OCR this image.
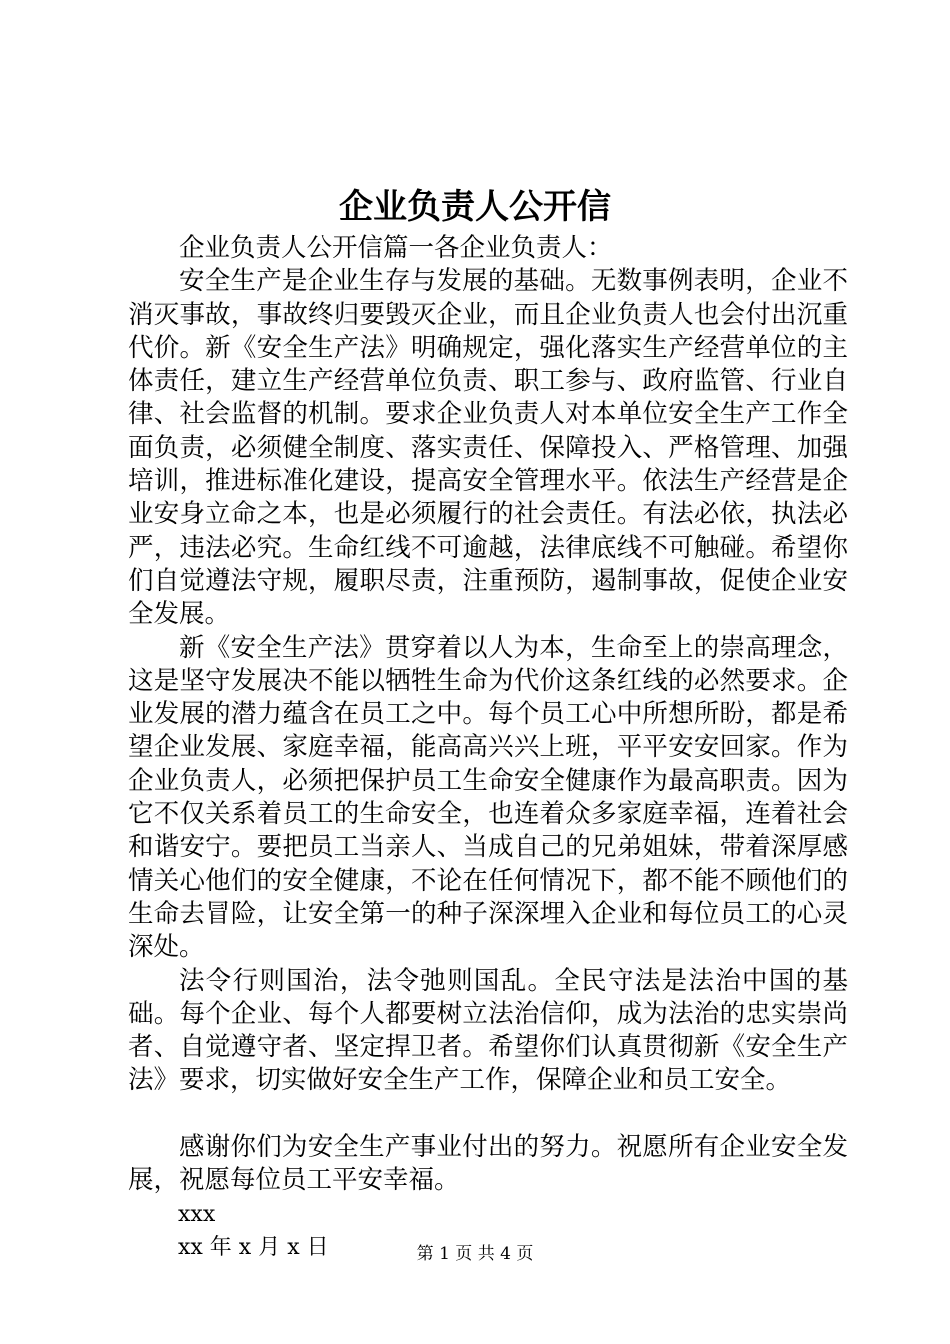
企业负责人公开信

企业负责人公开信篇一各企业负责人：

安全生产是企业生存与发展的基础。无数事例表明，企业不消灭事故，事故终归要毁灭企业，而且企业负责人也会付出沉重代价。新《安全生产法》明确规定，强化落实生产经营单位的主体责任，建立生产经营单位负责、职工参与、政府监管、行业自律、社会监督的机制。要求企业负责人对本单位安全生产工作全面负责，必须健全制度、落实责任、保障投入、严格管理、加强培训，推进标准化建设，提高安全管理水平。依法生产经营是企业安身立命之本，也是必须履行的社会责任。有法必依，执法必严，违法必究。生命红线不可逾越，法律底线不可触碰。希望你们自觉遵法守规，履职尽责，注重预防，遏制事故，促使企业安全发展。

新《安全生产法》贯穿着以人为本，生命至上的崇高理念，这是坚守发展决不能以牺牲生命为代价这条红线的必然要求。企业发展的潜力蕴含在员工之中。每个员工心中所想所盼，都是希望企业发展、家庭幸福，能高高兴兴上班，平平安安回家。作为企业负责人，必须把保护员工生命安全健康作为最高职责。因为它不仅关系着员工的生命安全，也连着众多家庭幸福，连着社会和谐安宁。要把员工当亲人、当成自己的兄弟姐妹，带着深厚感情关心他们的安全健康，不论在任何情况下，都不能不顾他们的生命去冒险，让安全第一的种子深深埋入企业和每位员工的心灵深处。

法令行则国治，法令弛则国乱。全民守法是法治中国的基础。每个企业、每个人都要树立法治信仰，成为法治的忠实崇尚者、自觉遵守者、坚定捍卫者。希望你们认真贯彻新《安全生产法》要求，切实做好安全生产工作，保障企业和员工安全。

感谢你们为安全生产事业付出的努力。祝愿所有企业安全发展，祝愿每位员工平安幸福。

xxx

xx 年 x 月 x 日	第 1 页 共 4 页
